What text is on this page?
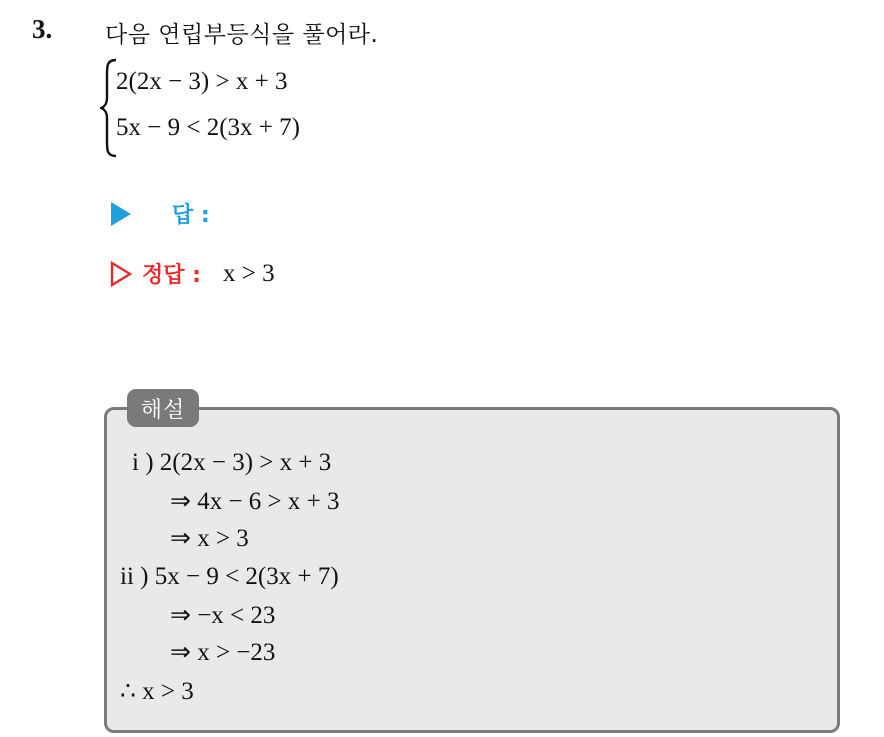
3. 다음 연립부등식을 풀어라.
2(2x − 3) > x + 3
5x − 9 < 2(3x + 7)
답 :
정답 : x > 3
해설
i ) 2(2x − 3) > x + 3
⇒ 4x − 6 > x + 3
⇒ x > 3
ii ) 5x − 9 < 2(3x + 7)
⇒ −x < 23
⇒ x > −23
∴ x > 3
